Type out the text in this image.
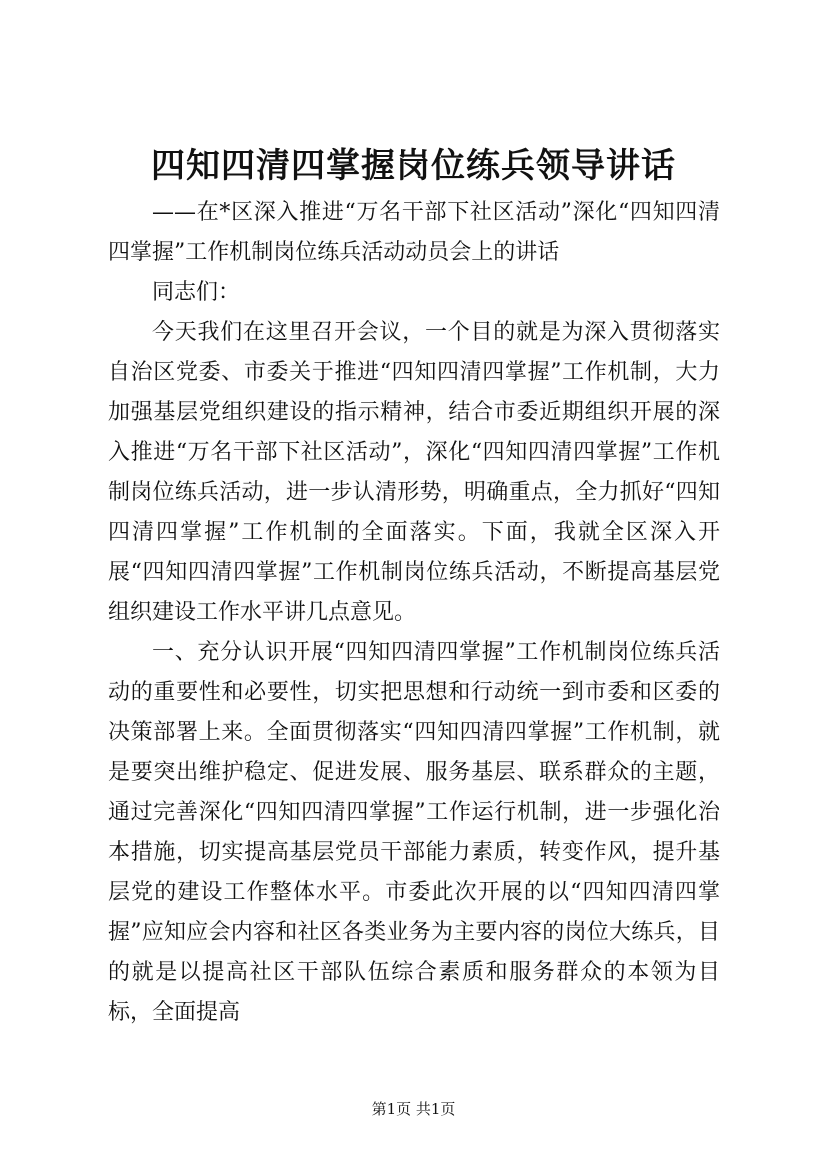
四知四清四掌握岗位练兵领导讲话

——在*区深入推进“万名干部下社区活动”深化“四知四清四掌握”工作机制岗位练兵活动动员会上的讲话

同志们：

今天我们在这里召开会议，一个目的就是为深入贯彻落实自治区党委、市委关于推进“四知四清四掌握”工作机制，大力加强基层党组织建设的指示精神，结合市委近期组织开展的深入推进“万名干部下社区活动”，深化“四知四清四掌握”工作机制岗位练兵活动，进一步认清形势，明确重点，全力抓好“四知四清四掌握”工作机制的全面落实。下面，我就全区深入开展“四知四清四掌握”工作机制岗位练兵活动，不断提高基层党组织建设工作水平讲几点意见。

一、充分认识开展“四知四清四掌握”工作机制岗位练兵活动的重要性和必要性，切实把思想和行动统一到市委和区委的决策部署上来。全面贯彻落实“四知四清四掌握”工作机制，就是要突出维护稳定、促进发展、服务基层、联系群众的主题，通过完善深化“四知四清四掌握”工作运行机制，进一步强化治本措施，切实提高基层党员干部能力素质，转变作风，提升基层党的建设工作整体水平。市委此次开展的以“四知四清四掌握”应知应会内容和社区各类业务为主要内容的岗位大练兵，目的就是以提高社区干部队伍综合素质和服务群众的本领为目标，全面提高

第1页 共1页
